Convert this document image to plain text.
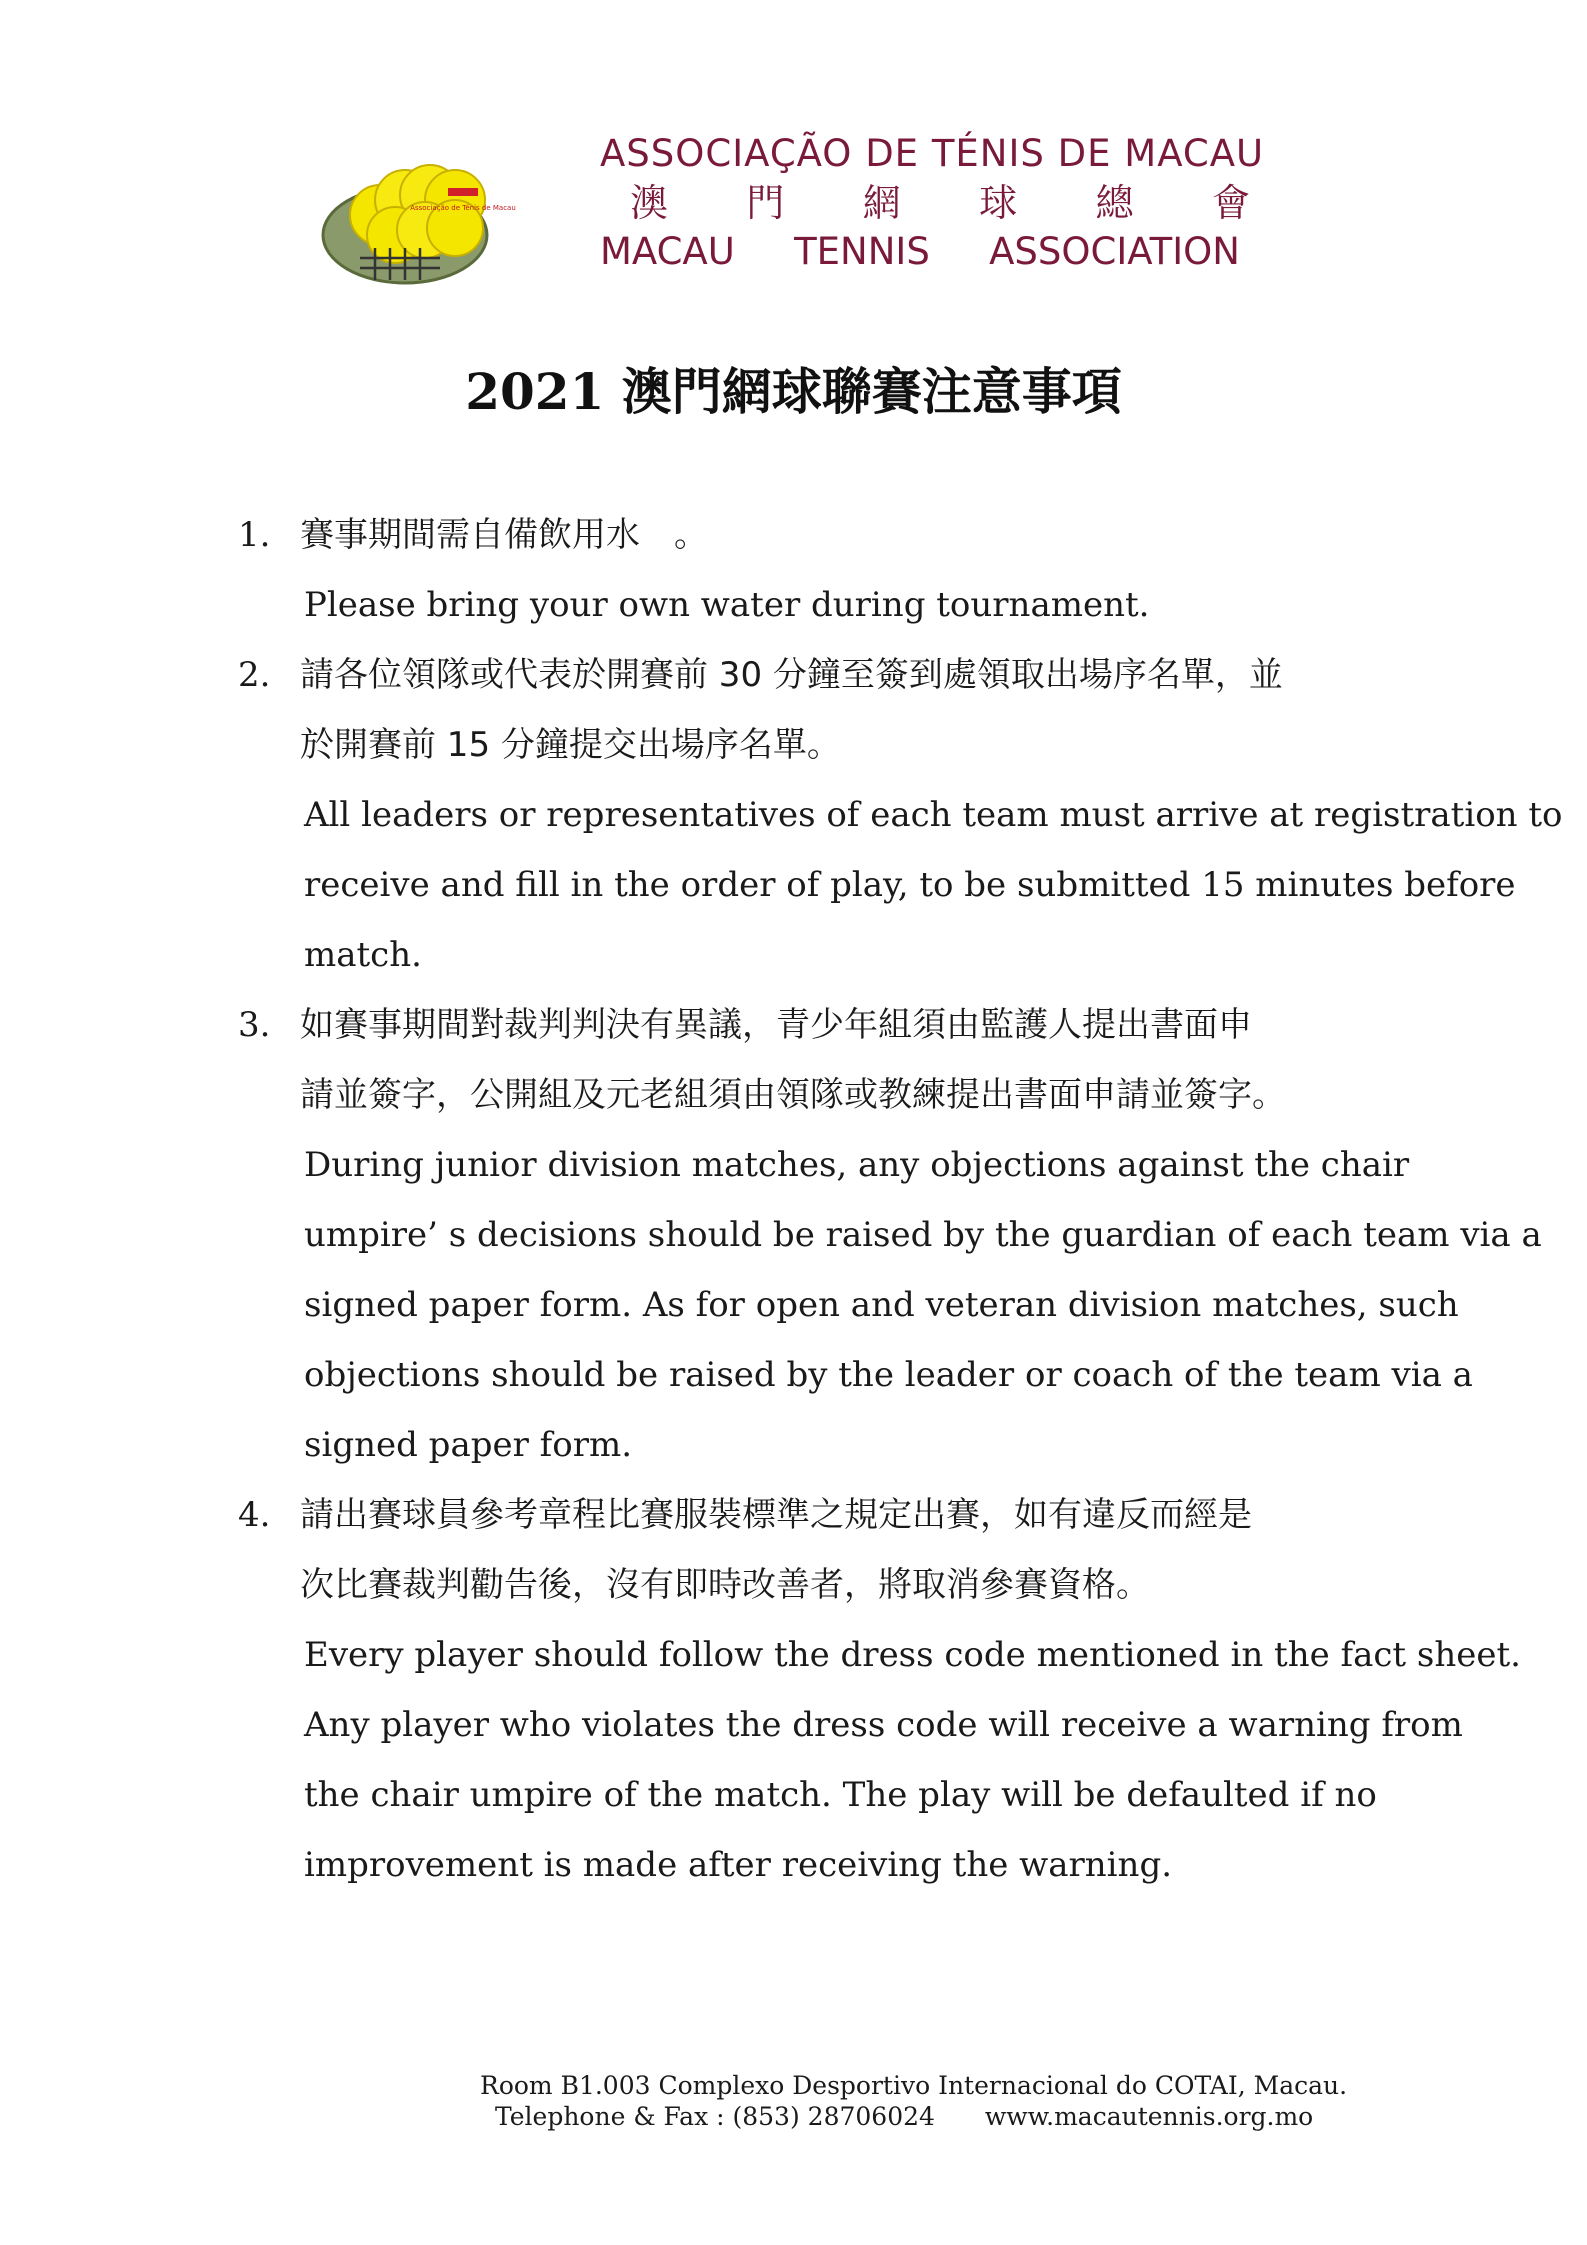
Associação de Ténis de Macau
ASSOCIAÇÃO DE TÉNIS DE MACAU
澳 門 網 球 總 會
MACAU TENNIS ASSOCIATION
2021 澳門網球聯賽注意事項
1. 賽事期間需自備飲用水　。
Please bring your own water during tournament.
2. 請各位領隊或代表於開賽前 30 分鐘至簽到處領取出場序名單，並
於開賽前 15 分鐘提交出場序名單。
All leaders or representatives of each team must arrive at registration to
receive and fill in the order of play, to be submitted 15 minutes before
match.
3. 如賽事期間對裁判判決有異議，青少年組須由監護人提出書面申
請並簽字，公開組及元老組須由領隊或教練提出書面申請並簽字。
During junior division matches, any objections against the chair
umpire’ s decisions should be raised by the guardian of each team via a
signed paper form. As for open and veteran division matches, such
objections should be raised by the leader or coach of the team via a
signed paper form.
4. 請出賽球員參考章程比賽服裝標準之規定出賽，如有違反而經是
次比賽裁判勸告後，沒有即時改善者，將取消參賽資格。
Every player should follow the dress code mentioned in the fact sheet.
Any player who violates the dress code will receive a warning from
the chair umpire of the match. The play will be defaulted if no
improvement is made after receiving the warning.
Room B1.003 Complexo Desportivo Internacional do COTAI, Macau.
Telephone & Fax : (853) 28706024 www.macautennis.org.mo
